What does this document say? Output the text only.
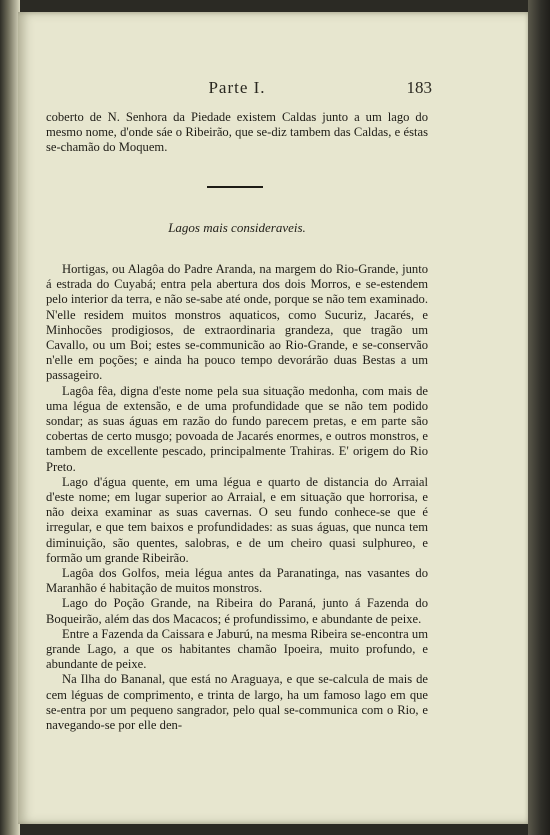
Parte I.	183

coberto de N. Senhora da Piedade existem Caldas junto a um lago do mesmo nome, d'onde sáe o Ribeirão, que se-diz tambem das Caldas, e éstas se-chamão do Moquem.

Lagos mais consideraveis.

Hortigas, ou Alagôa do Padre Aranda, na margem do Rio-Grande, junto á estrada do Cuyabá; entra pela abertura dos dois Morros, e se-estendem pelo interior da terra, e não se-sabe até onde, porque se não tem examinado. N'elle residem muitos monstros aquaticos, como Sucuriz, Jacarés, e Minhocões prodigiosos, de extraordinaria grandeza, que tragão um Cavallo, ou um Boi; estes se-communicão ao Rio-Grande, e se-conservão n'elle em poções; e ainda ha pouco tempo devorárão duas Bestas a um passageiro.

Lagôa fêa, digna d'este nome pela sua situação medonha, com mais de uma légua de extensão, e de uma profundidade que se não tem podido sondar; as suas águas em razão do fundo parecem pretas, e em parte são cobertas de certo musgo; povoada de Jacarés enormes, e outros monstros, e tambem de excellente pescado, principalmente Trahiras. E' origem do Rio Preto.

Lago d'água quente, em uma légua e quarto de distancia do Arraial d'este nome; em lugar superior ao Arraial, e em situação que horrorisa, e não deixa examinar as suas cavernas. O seu fundo conhece-se que é irregular, e que tem baixos e profundidades: as suas águas, que nunca tem diminuição, são quentes, salobras, e de um cheiro quasi sulphureo, e formão um grande Ribeirão.

Lagôa dos Golfos, meia légua antes da Paranatinga, nas vasantes do Maranhão é habitação de muitos monstros.

Lago do Poção Grande, na Ribeira do Paraná, junto á Fazenda do Boqueirão, além das dos Macacos; é profundissimo, e abundante de peixe.

Entre a Fazenda da Caissara e Jaburú, na mesma Ribeira se-encontra um grande Lago, a que os habitantes chamão Ipoeira, muito profundo, e abundante de peixe.

Na Ilha do Bananal, que está no Araguaya, e que se-calcula de mais de cem léguas de comprimento, e trinta de largo, ha um famoso lago em que se-entra por um pequeno sangrador, pelo qual se-communica com o Rio, e navegando-se por elle den-
